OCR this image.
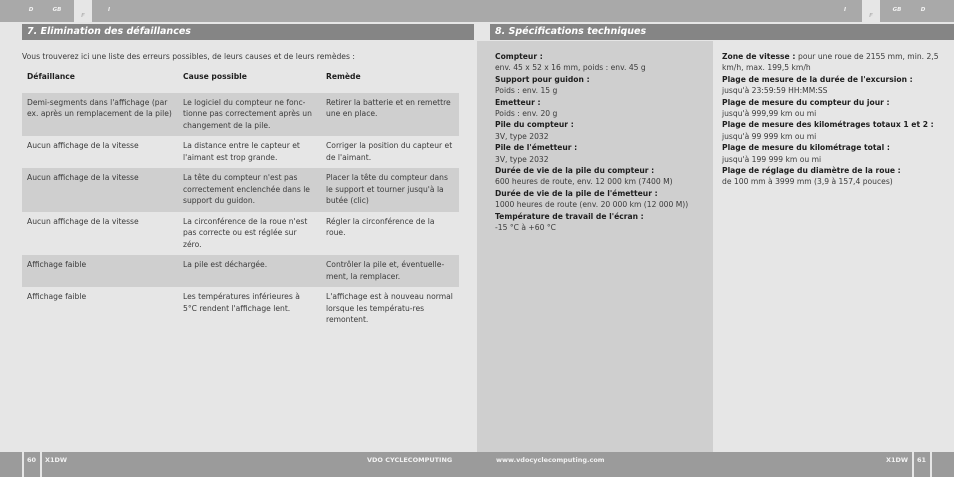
D	GB
F
I	I
F
GB	D
7. Elimination des défaillances	8. Spécifications techniques
Vous trouverez ici une liste des erreurs possibles, de leurs causes et de leurs remèdes :
Défaillance	Cause possible	Remède
Demi-segments dans l'affichage (par ex. après un remplacement de la pile)	Le logiciel du compteur ne fonc-tionne pas correctement après un changement de la pile.	Retirer la batterie et en remettre une en place.
Aucun affichage de la vitesse	La distance entre le capteur et l'aimant est trop grande.	Corriger la position du capteur et de l'aimant.
Aucun affichage de la vitesse	La tête du compteur n'est pas correctement enclenchée dans le support du guidon.	Placer la tête du compteur dans le support et tourner jusqu'à la butée (clic)
Aucun affichage de la vitesse	La circonférence de la roue n'est pas correcte ou est réglée sur zéro.	Régler la circonférence de la roue.
Affichage faible	La pile est déchargée.	Contrôler la pile et, éventuelle-ment, la remplacer.
Affichage faible	Les températures inférieures à 5°C rendent l'affichage lent.	L'affichage est à nouveau normal lorsque les températu-res remontent.
Compteur :
env. 45 x 52 x 16 mm, poids : env. 45 g
Support pour guidon :
Poids : env. 15 g
Emetteur :
Poids : env. 20 g
Pile du compteur :
3V, type 2032
Pile de l'émetteur :
3V, type 2032
Durée de vie de la pile du compteur :
600 heures de route, env. 12 000 km (7400 M)
Durée de vie de la pile de l'émetteur :
1000 heures de route (env. 20 000 km (12 000 M))
Température de travail de l'écran :
-15 °C à +60 °C
Zone de vitesse : pour une roue de 2155 mm, min. 2,5 km/h, max. 199,5 km/h
Plage de mesure de la durée de l'excursion :
jusqu'à 23:59:59 HH:MM:SS
Plage de mesure du compteur du jour :
jusqu'à 999,99 km ou mi
Plage de mesure des kilométrages totaux 1 et 2 :
jusqu'à 99 999 km ou mi
Plage de mesure du kilométrage total :
jusqu'à 199 999 km ou mi
Plage de réglage du diamètre de la roue :
de 100 mm à 3999 mm (3,9 à 157,4 pouces)
60 X1DW	VDO CYCLECOMPUTING	www.vdocyclecomputing.com	X1DW 61
